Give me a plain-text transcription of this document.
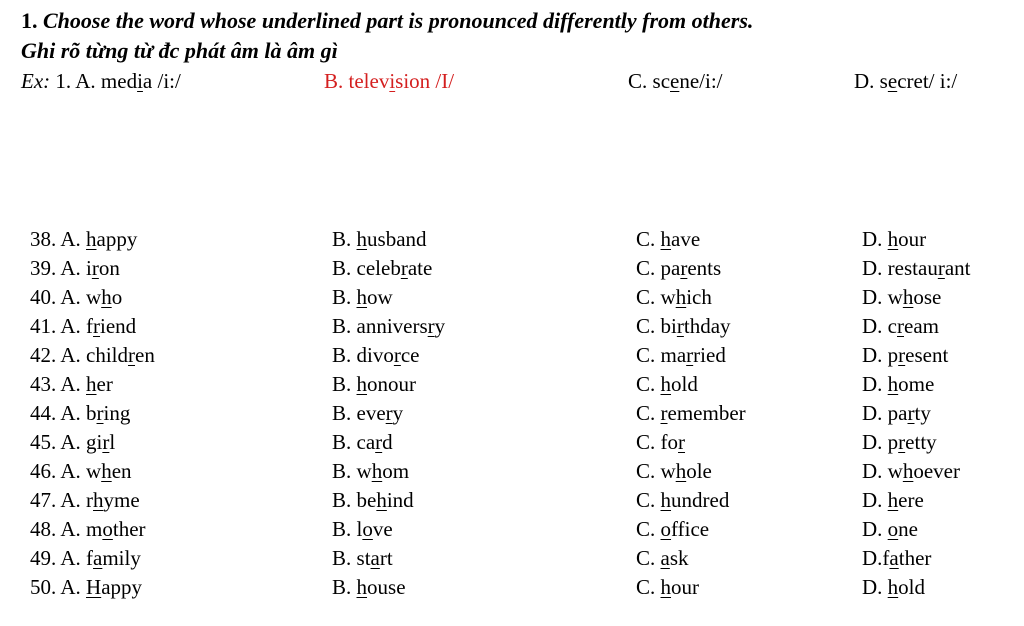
1. Choose the word whose underlined part is pronounced differently from others.
Ghi rõ từng từ đc phát âm là âm gì
Ex: 1. A. media /i:/	B. television /I/	C. scene/i:/	D. secret/ i:/
38. A. happy	B. husband	C. have	D. hour
39. A. iron	B. celebrate	C. parents	D. restaurant
40. A. who	B. how	C. which	D. whose
41. A. friend	B. anniversry	C. birthday	D. cream
42. A. children	B. divorce	C. married	D. present
43. A. her	B. honour	C. hold	D. home
44. A. bring	B. every	C. remember	D. party
45. A. girl	B. card	C. for	D. pretty
46. A. when	B. whom	C. whole	D. whoever
47. A. rhyme	B. behind	C. hundred	D. here
48. A. mother	B. love	C. office	D. one
49. A. family	B. start	C. ask	D.father
50. A. Happy	B. house	C. hour	D. hold
